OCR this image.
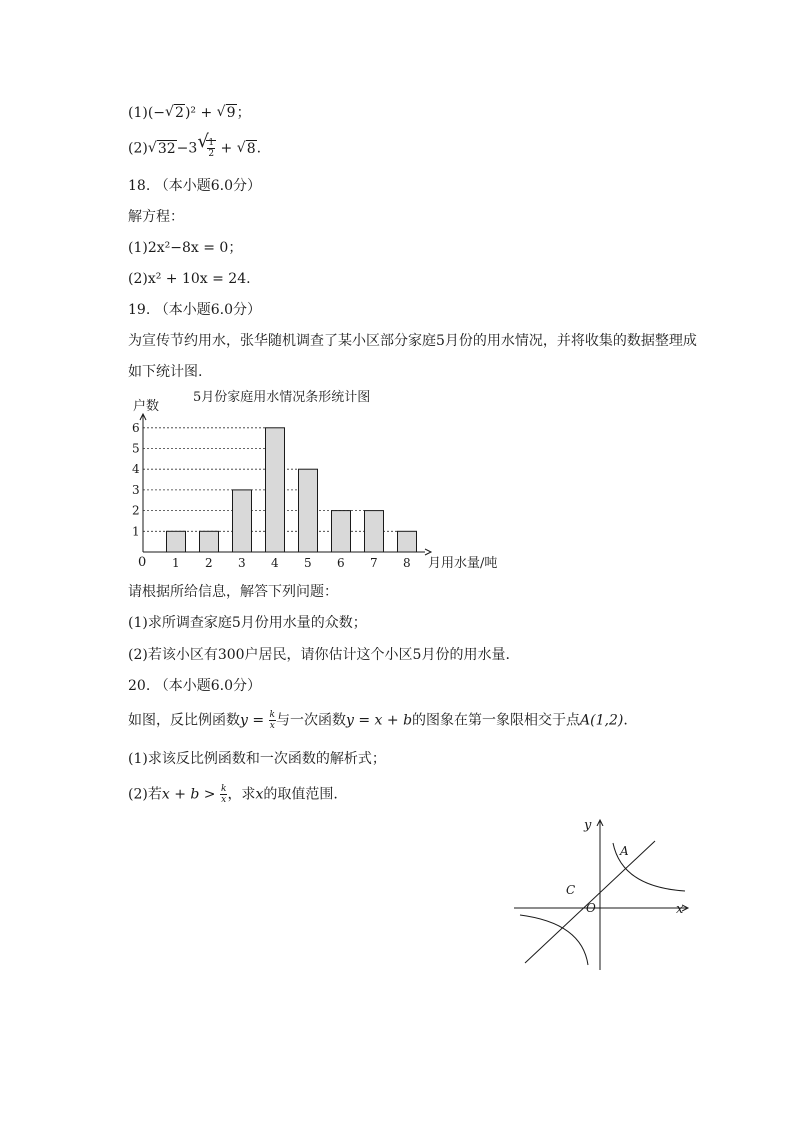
(1)(− √ 2)² + √ 9；
(2) √ 32−3 √
$\frac{1}{2}$ + √ 8.
18. （本小题6.0分）
解方程：
(1)2x²−8x = 0；
(2)x² + 10x = 24.
19. （本小题6.0分）
为宣传节约用水，张华随机调查了某小区部分家庭5月份的用水情况，并将收集的数据整理成
如下统计图.
5月份家庭用水情况条形统计图
户数
月用水量/吨
0
1
2
3
4
5
6
1 2 3 4 5 6 7 8
请根据所给信息，解答下列问题：
(1)求所调查家庭5月份用水量的众数；
(2)若该小区有300户居民，请你估计这个小区5月份的用水量.
20. （本小题6.0分）
如图，反比例函数$y = \frac{k}{x}$ 与一次函数y = x + b的图象在第一象限相交于点A(1,2).
(1)求该反比例函数和一次函数的解析式；
(2)若$x + b > \frac{k}{x}$ ，求x的取值范围.
y
x
O
A
C
